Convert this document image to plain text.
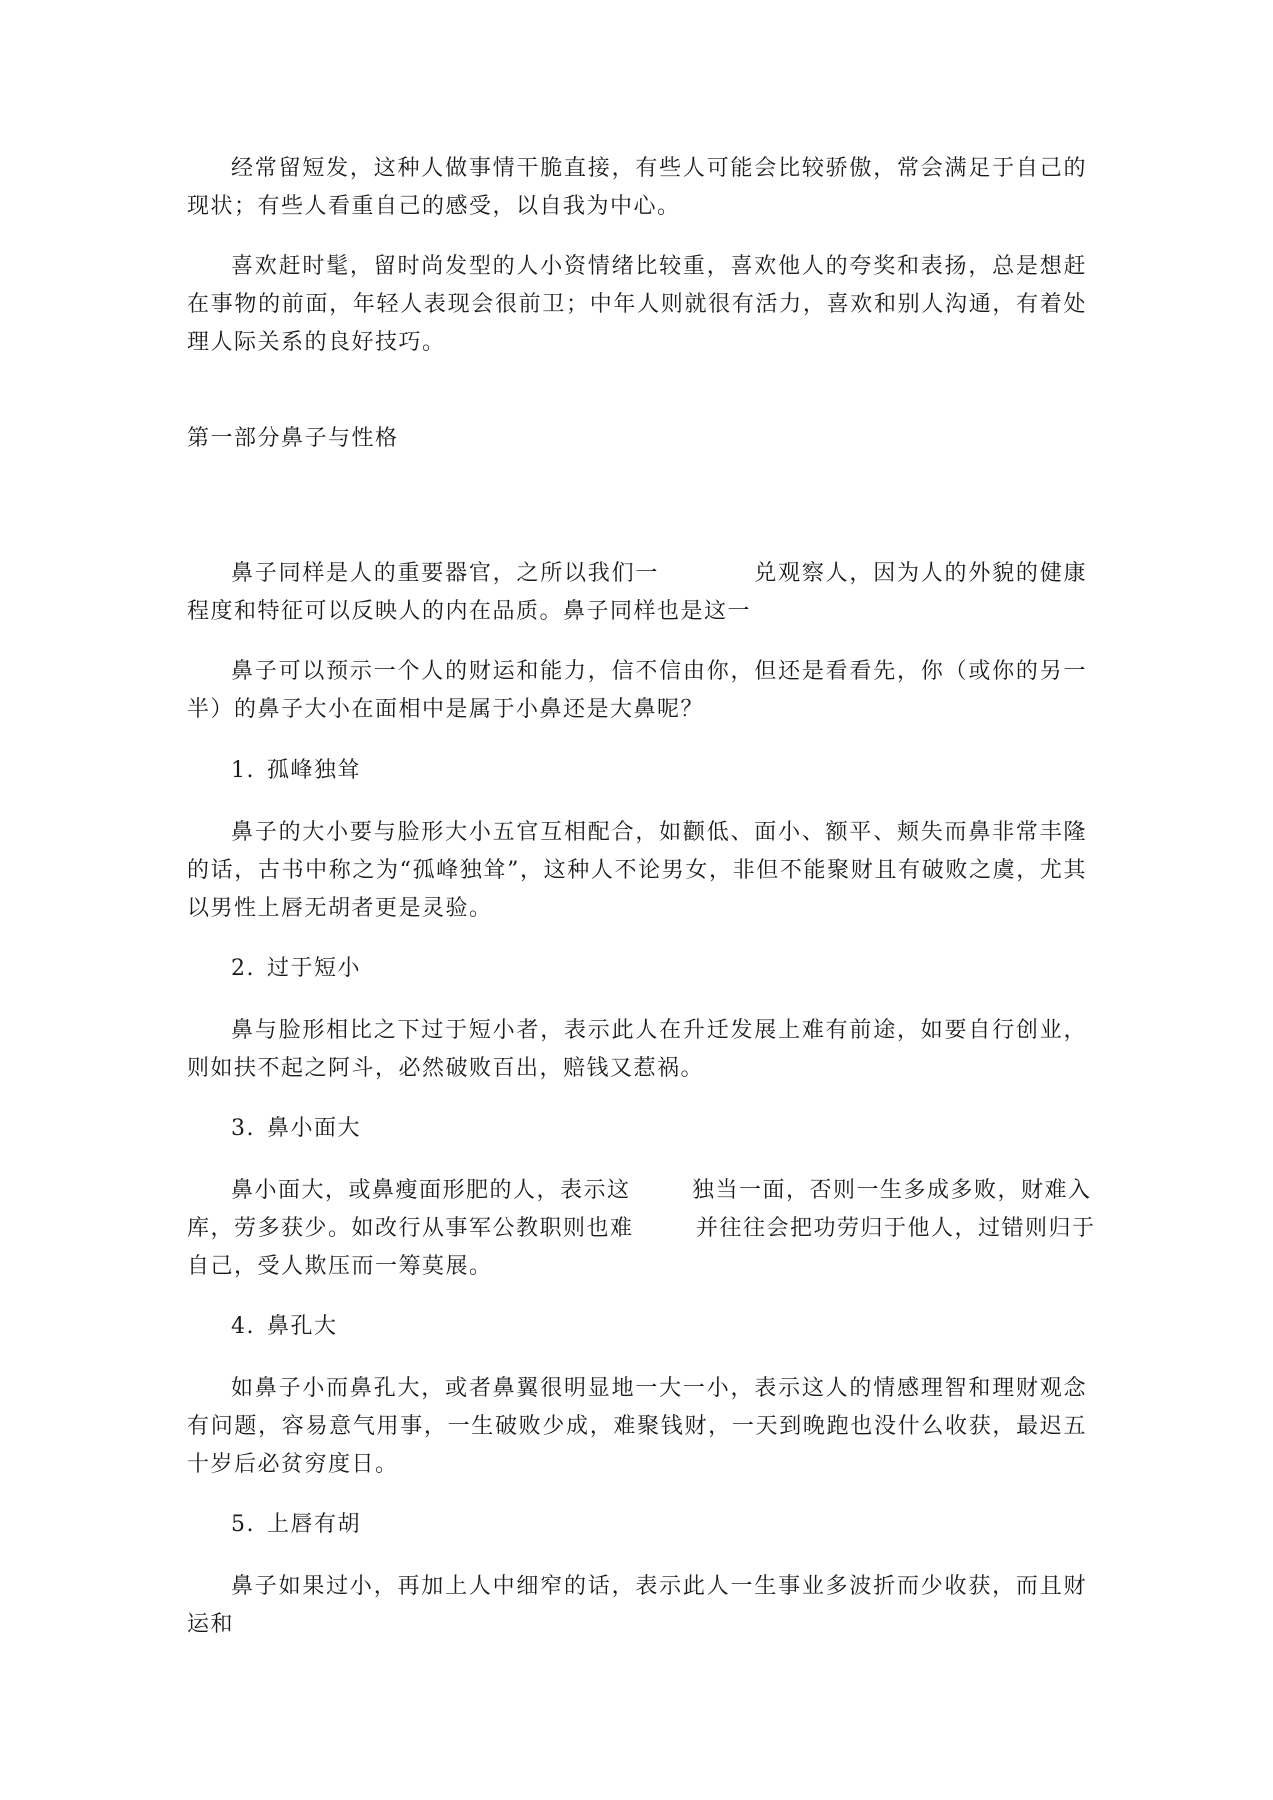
经常留短发，这种人做事情干脆直接，有些人可能会比较骄傲，常会满足于自己的现状；有些人看重自己的感受，以自我为中心。

喜欢赶时髦，留时尚发型的人小资情绪比较重，喜欢他人的夸奖和表扬，总是想赶在事物的前面，年轻人表现会很前卫；中年人则就很有活力，喜欢和别人沟通，有着处理人际关系的良好技巧。

第一部分鼻子与性格

鼻子同样是人的重要器官，之所以我们一　　　　兑观察人，因为人的外貌的健康程度和特征可以反映人的内在品质。鼻子同样也是这一

鼻子可以预示一个人的财运和能力，信不信由你，但还是看看先，你（或你的另一半）的鼻子大小在面相中是属于小鼻还是大鼻呢？

1. 孤峰独耸

鼻子的大小要与脸形大小五官互相配合，如颧低、面小、额平、颊失而鼻非常丰隆的话，古书中称之为“孤峰独耸”，这种人不论男女，非但不能聚财且有破败之虞，尤其以男性上唇无胡者更是灵验。

2. 过于短小

鼻与脸形相比之下过于短小者，表示此人在升迁发展上难有前途，如要自行创业，则如扶不起之阿斗，必然破败百出，赔钱又惹祸。

3. 鼻小面大

鼻小面大，或鼻瘦面形肥的人，表示这	独当一面，否则一生多成多败，财难入

库，劳多获少。如改行从事军公教职则也难	并往往会把功劳归于他人，过错则归于

自己，受人欺压而一筹莫展。

4. 鼻孔大

如鼻子小而鼻孔大，或者鼻翼很明显地一大一小，表示这人的情感理智和理财观念有问题，容易意气用事，一生破败少成，难聚钱财，一天到晚跑也没什么收获，最迟五十岁后必贫穷度日。

5. 上唇有胡

鼻子如果过小，再加上人中细窄的话，表示此人一生事业多波折而少收获，而且财运和
